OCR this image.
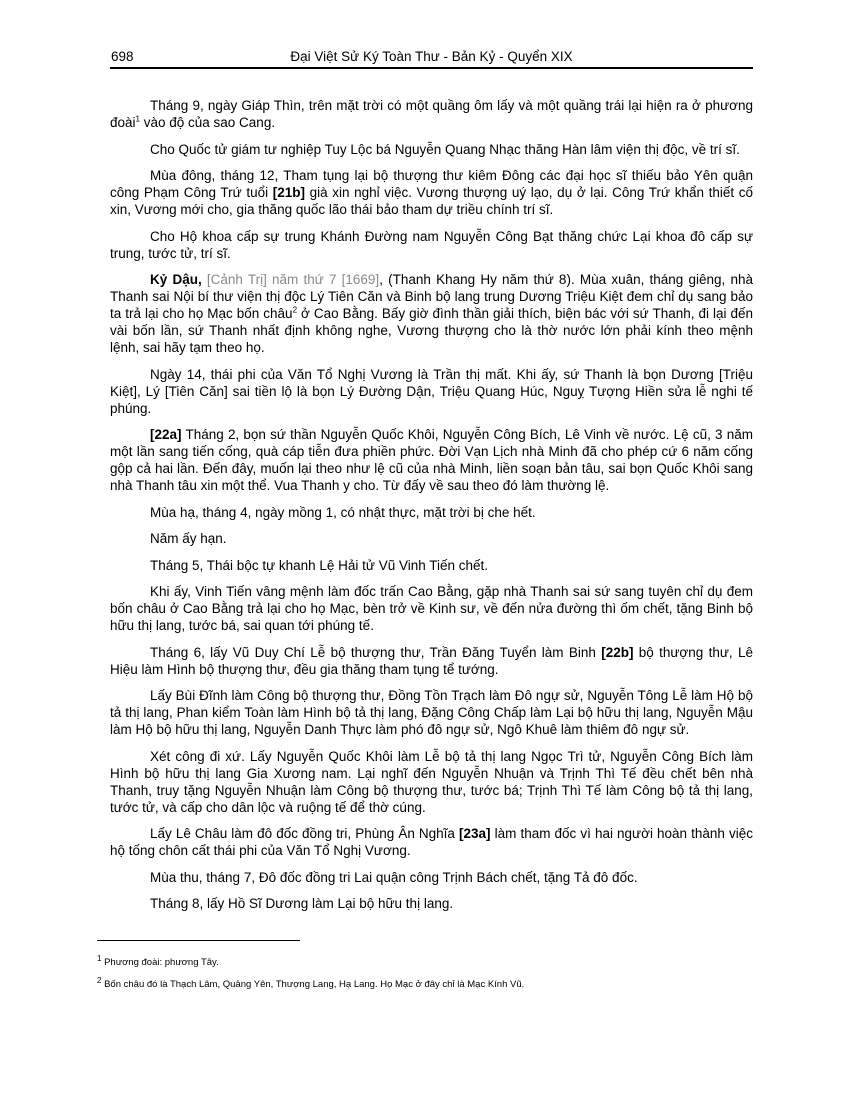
698	Đại Việt Sử Ký Toàn Thư - Bản Kỷ - Quyển XIX

Tháng 9, ngày Giáp Thìn, trên mặt trời có một quầng ôm lấy và một quầng trái lại hiện ra ở phương đoài$^1$ vào độ của sao Cang.

Cho Quốc tử giám tư nghiệp Tuy Lộc bá Nguyễn Quang Nhạc thăng Hàn lâm viện thị độc, về trí sĩ.

Mùa đông, tháng 12, Tham tụng lại bộ thượng thư kiêm Đông các đại học sĩ thiếu bảo Yên quận công Phạm Công Trứ tuổi [21b] già xin nghỉ việc. Vương thượng uý lạo, dụ ở lại. Công Trứ khẩn thiết cố xin, Vương mới cho, gia thăng quốc lão thái bảo tham dự triều chính trí sĩ.

Cho Hộ khoa cấp sự trung Khánh Đường nam Nguyễn Công Bạt thăng chức Lại khoa đô cấp sự trung, tước tử, trí sĩ.

Kỷ Dậu, [Cảnh Trị] năm thứ 7 [1669], (Thanh Khang Hy năm thứ 8). Mùa xuân, tháng giêng, nhà Thanh sai Nội bí thư viện thị độc Lý Tiên Căn và Binh bộ lang trung Dương Triệu Kiệt đem chỉ dụ sang bảo ta trả lại cho họ Mạc bốn châu$^2$ ở Cao Bằng. Bấy giờ đình thần giải thích, biện bác với sứ Thanh, đi lại đến vài bốn lần, sứ Thanh nhất định không nghe, Vương thượng cho là thờ nước lớn phải kính theo mệnh lệnh, sai hãy tạm theo họ.

Ngày 14, thái phi của Văn Tổ Nghị Vương là Trần thị mất. Khi ấy, sứ Thanh là bọn Dương [Triệu Kiệt], Lý [Tiên Căn] sai tiền lộ là bọn Lý Đường Dận, Triệu Quang Húc, Nguỵ Tượng Hiền sửa lễ nghi tế phúng.

[22a] Tháng 2, bọn sứ thần Nguyễn Quốc Khôi, Nguyễn Công Bích, Lê Vinh về nước. Lệ cũ, 3 năm một lần sang tiến cống, quà cáp tiễn đưa phiền phức. Đời Vạn Lịch nhà Minh đã cho phép cứ 6 năm cống gộp cả hai lần. Đến đây, muốn lại theo như lệ cũ của nhà Minh, liền soạn bản tâu, sai bọn Quốc Khôi sang nhà Thanh tâu xin một thể. Vua Thanh y cho. Từ đấy về sau theo đó làm thường lệ.

Mùa hạ, tháng 4, ngày mồng 1, có nhật thực, mặt trời bị che hết.

Năm ấy hạn.

Tháng 5, Thái bộc tự khanh Lệ Hải tử Vũ Vinh Tiến chết.

Khi ấy, Vinh Tiến vâng mệnh làm đốc trấn Cao Bằng, gặp nhà Thanh sai sứ sang tuyên chỉ dụ đem bốn châu ở Cao Bằng trả lại cho họ Mạc, bèn trở về Kinh sư, về đến nửa đường thì ốm chết, tặng Binh bộ hữu thị lang, tước bá, sai quan tới phúng tế.

Tháng 6, lấy Vũ Duy Chí Lễ bộ thượng thư, Trần Đăng Tuyển làm Binh [22b] bộ thượng thư, Lê Hiệu làm Hình bộ thượng thư, đều gia thăng tham tụng tể tướng.

Lấy Bùi Đĩnh làm Công bộ thượng thư, Đồng Tồn Trạch làm Đô ngự sử, Nguyễn Tông Lễ làm Hộ bộ tả thị lang, Phan kiểm Toàn làm Hình bộ tả thị lang, Đặng Công Chấp làm Lại bộ hữu thị lang, Nguyễn Mậu làm Hộ bộ hữu thị lang, Nguyễn Danh Thực làm phó đô ngự sử, Ngô Khuê làm thiêm đô ngự sử.

Xét công đi xứ. Lấy Nguyễn Quốc Khôi làm Lễ bộ tả thị lang Ngọc Trì tử, Nguyễn Công Bích làm Hình bộ hữu thị lang Gia Xương nam. Lại nghĩ đến Nguyễn Nhuận và Trịnh Thì Tế đều chết bên nhà Thanh, truy tặng Nguyễn Nhuận làm Công bộ thượng thư, tước bá; Trịnh Thì Tế làm Công bộ tả thị lang, tước tử, và cấp cho dân lộc và ruộng tế để thờ cúng.

Lấy Lê Châu làm đô đốc đồng tri, Phùng Ân Nghĩa [23a] làm tham đốc vì hai người hoàn thành việc hộ tống chôn cất thái phi của Văn Tổ Nghị Vương.

Mùa thu, tháng 7, Đô đốc đồng tri Lai quận công Trịnh Bách chết, tặng Tả đô đốc.

Tháng 8, lấy Hồ Sĩ Dương làm Lại bộ hữu thị lang.

$^1$ Phương đoài: phương Tây.
$^2$ Bốn châu đó là Thạch Lâm, Quảng Yên, Thượng Lang, Hạ Lang. Họ Mạc ở đây chỉ là Mạc Kính Vũ.
